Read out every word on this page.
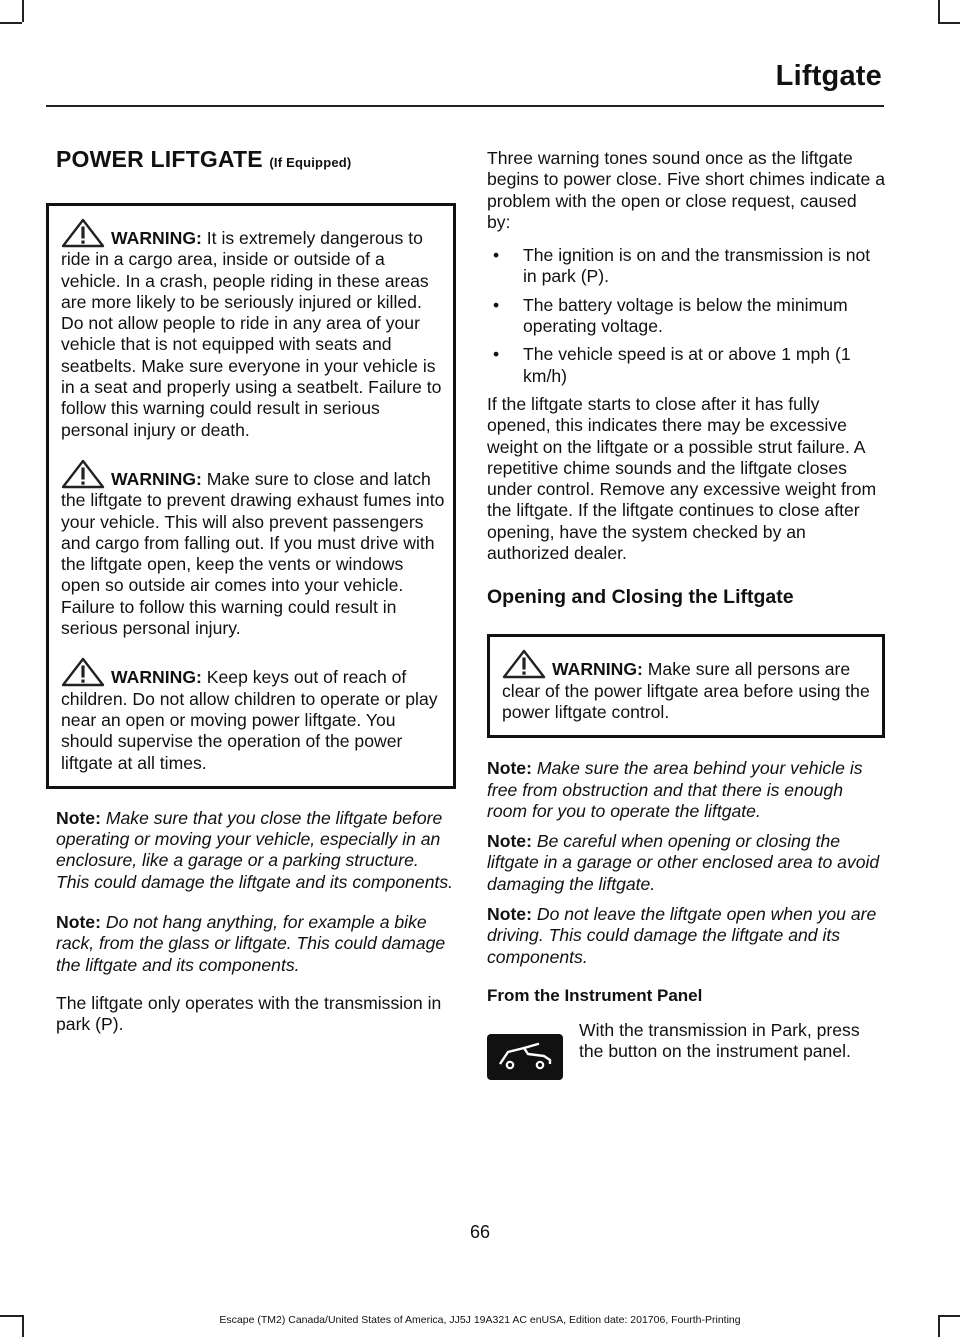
Liftgate
POWER LIFTGATE (If Equipped)

WARNING: It is extremely dangerous to ride in a cargo area, inside or outside of a vehicle. In a crash, people riding in these areas are more likely to be seriously injured or killed. Do not allow people to ride in any area of your vehicle that is not equipped with seats and seatbelts. Make sure everyone in your vehicle is in a seat and properly using a seatbelt. Failure to follow this warning could result in serious personal injury or death.

WARNING: Make sure to close and latch the liftgate to prevent drawing exhaust fumes into your vehicle. This will also prevent passengers and cargo from falling out. If you must drive with the liftgate open, keep the vents or windows open so outside air comes into your vehicle. Failure to follow this warning could result in serious personal injury.

WARNING: Keep keys out of reach of children. Do not allow children to operate or play near an open or moving power liftgate. You should supervise the operation of the power liftgate at all times.

Note: Make sure that you close the liftgate before operating or moving your vehicle, especially in an enclosure, like a garage or a parking structure. This could damage the liftgate and its components.

Note: Do not hang anything, for example a bike rack, from the glass or liftgate. This could damage the liftgate and its components.

The liftgate only operates with the transmission in park (P).

Three warning tones sound once as the liftgate begins to power close. Five short chimes indicate a problem with the open or close request, caused by:

• The ignition is on and the transmission is not in park (P).
• The battery voltage is below the minimum operating voltage.
• The vehicle speed is at or above 1 mph (1 km/h)

If the liftgate starts to close after it has fully opened, this indicates there may be excessive weight on the liftgate or a possible strut failure. A repetitive chime sounds and the liftgate closes under control. Remove any excessive weight from the liftgate. If the liftgate continues to close after opening, have the system checked by an authorized dealer.

Opening and Closing the Liftgate

WARNING: Make sure all persons are clear of the power liftgate area before using the power liftgate control.

Note: Make sure the area behind your vehicle is free from obstruction and that there is enough room for you to operate the liftgate.

Note: Be careful when opening or closing the liftgate in a garage or other enclosed area to avoid damaging the liftgate.

Note: Do not leave the liftgate open when you are driving. This could damage the liftgate and its components.

From the Instrument Panel
With the transmission in Park, press the button on the instrument panel.
66
Escape (TM2) Canada/United States of America, JJ5J 19A321 AC enUSA, Edition date: 201706, Fourth-Printing
